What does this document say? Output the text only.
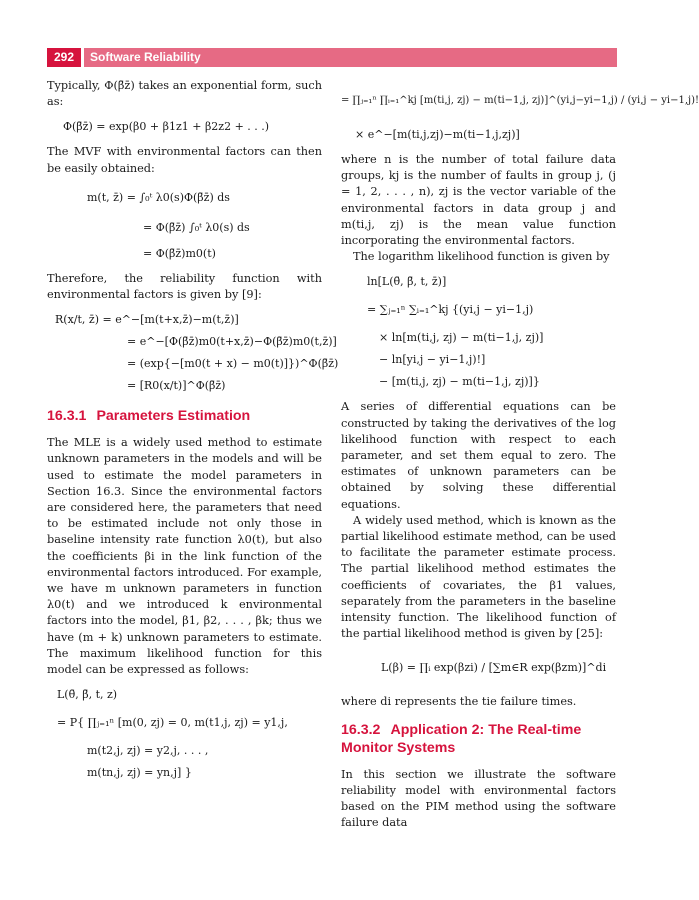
292	Software Reliability

Typically, Φ(β̄z̄) takes an exponential form, such as:

Φ(β̄z̄) = exp(β0 + β1z1 + β2z2 + . . .)

The MVF with environmental factors can then be easily obtained:

m(t, z̄) = ∫₀ᵗ λ0(s)Φ(β̄z̄) ds
= Φ(β̄z̄) ∫₀ᵗ λ0(s) ds
= Φ(β̄z̄)m0(t)

Therefore, the reliability function with environmental factors is given by [9]:

R(x/t, z̄) = e^−[m(t+x,z̄)−m(t,z̄)]
= e^−[Φ(β̄z̄)m0(t+x,z̄)−Φ(β̄z̄)m0(t,z̄)]
= (exp{−[m0(t + x) − m0(t)]})^Φ(β̄z̄)
= [R0(x/t)]^Φ(β̄z̄)
16.3.1 Parameters Estimation

The MLE is a widely used method to estimate unknown parameters in the models and will be used to estimate the model parameters in Section 16.3. Since the environmental factors are considered here, the parameters that need to be estimated include not only those in baseline intensity rate function λ0(t), but also the coefficients βi in the link function of the environmental factors introduced. For example, we have m unknown parameters in function λ0(t) and we introduced k environmental factors into the model, β1, β2, . . . , βk; thus we have (m + k) unknown parameters to estimate. The maximum likelihood function for this model can be expressed as follows:

L(θ̄, β̄, t, z)
= P{ ∏ⱼ₌₁ⁿ [m(0, zj) = 0, m(t1,j, zj) = y1,j,
m(t2,j, zj) = y2,j, . . . ,
m(tn,j, zj) = yn,j] }
= ∏ⱼ₌₁ⁿ ∏ᵢ₌₁^kj [m(ti,j, zj) − m(ti−1,j, zj)]^(yi,j−yi−1,j) / (yi,j − yi−1,j)!
× e^−[m(ti,j,zj)−m(ti−1,j,zj)]

where n is the number of total failure data groups, kj is the number of faults in group j, (j = 1, 2, . . . , n), zj is the vector variable of the environmental factors in data group j and m(ti,j, zj) is the mean value function incorporating the environmental factors.

The logarithm likelihood function is given by

ln[L(θ̄, β̄, t, z̄)]
= ∑ⱼ₌₁ⁿ ∑ᵢ₌₁^kj {(yi,j − yi−1,j)
× ln[m(ti,j, zj) − m(ti−1,j, zj)]
− ln[yi,j − yi−1,j)!]
− [m(ti,j, zj) − m(ti−1,j, zj)]}

A series of differential equations can be constructed by taking the derivatives of the log likelihood function with respect to each parameter, and set them equal to zero. The estimates of unknown parameters can be obtained by solving these differential equations.

A widely used method, which is known as the partial likelihood estimate method, can be used to facilitate the parameter estimate process. The partial likelihood method estimates the coefficients of covariates, the β1 values, separately from the parameters in the baseline intensity function. The likelihood function of the partial likelihood method is given by [25]:

L(β) = ∏ᵢ exp(βzi) / [∑m∈R exp(βzm)]^di

where di represents the tie failure times.

16.3.2 Application 2: The Real-time Monitor Systems

In this section we illustrate the software reliability model with environmental factors based on the PIM method using the software failure data
